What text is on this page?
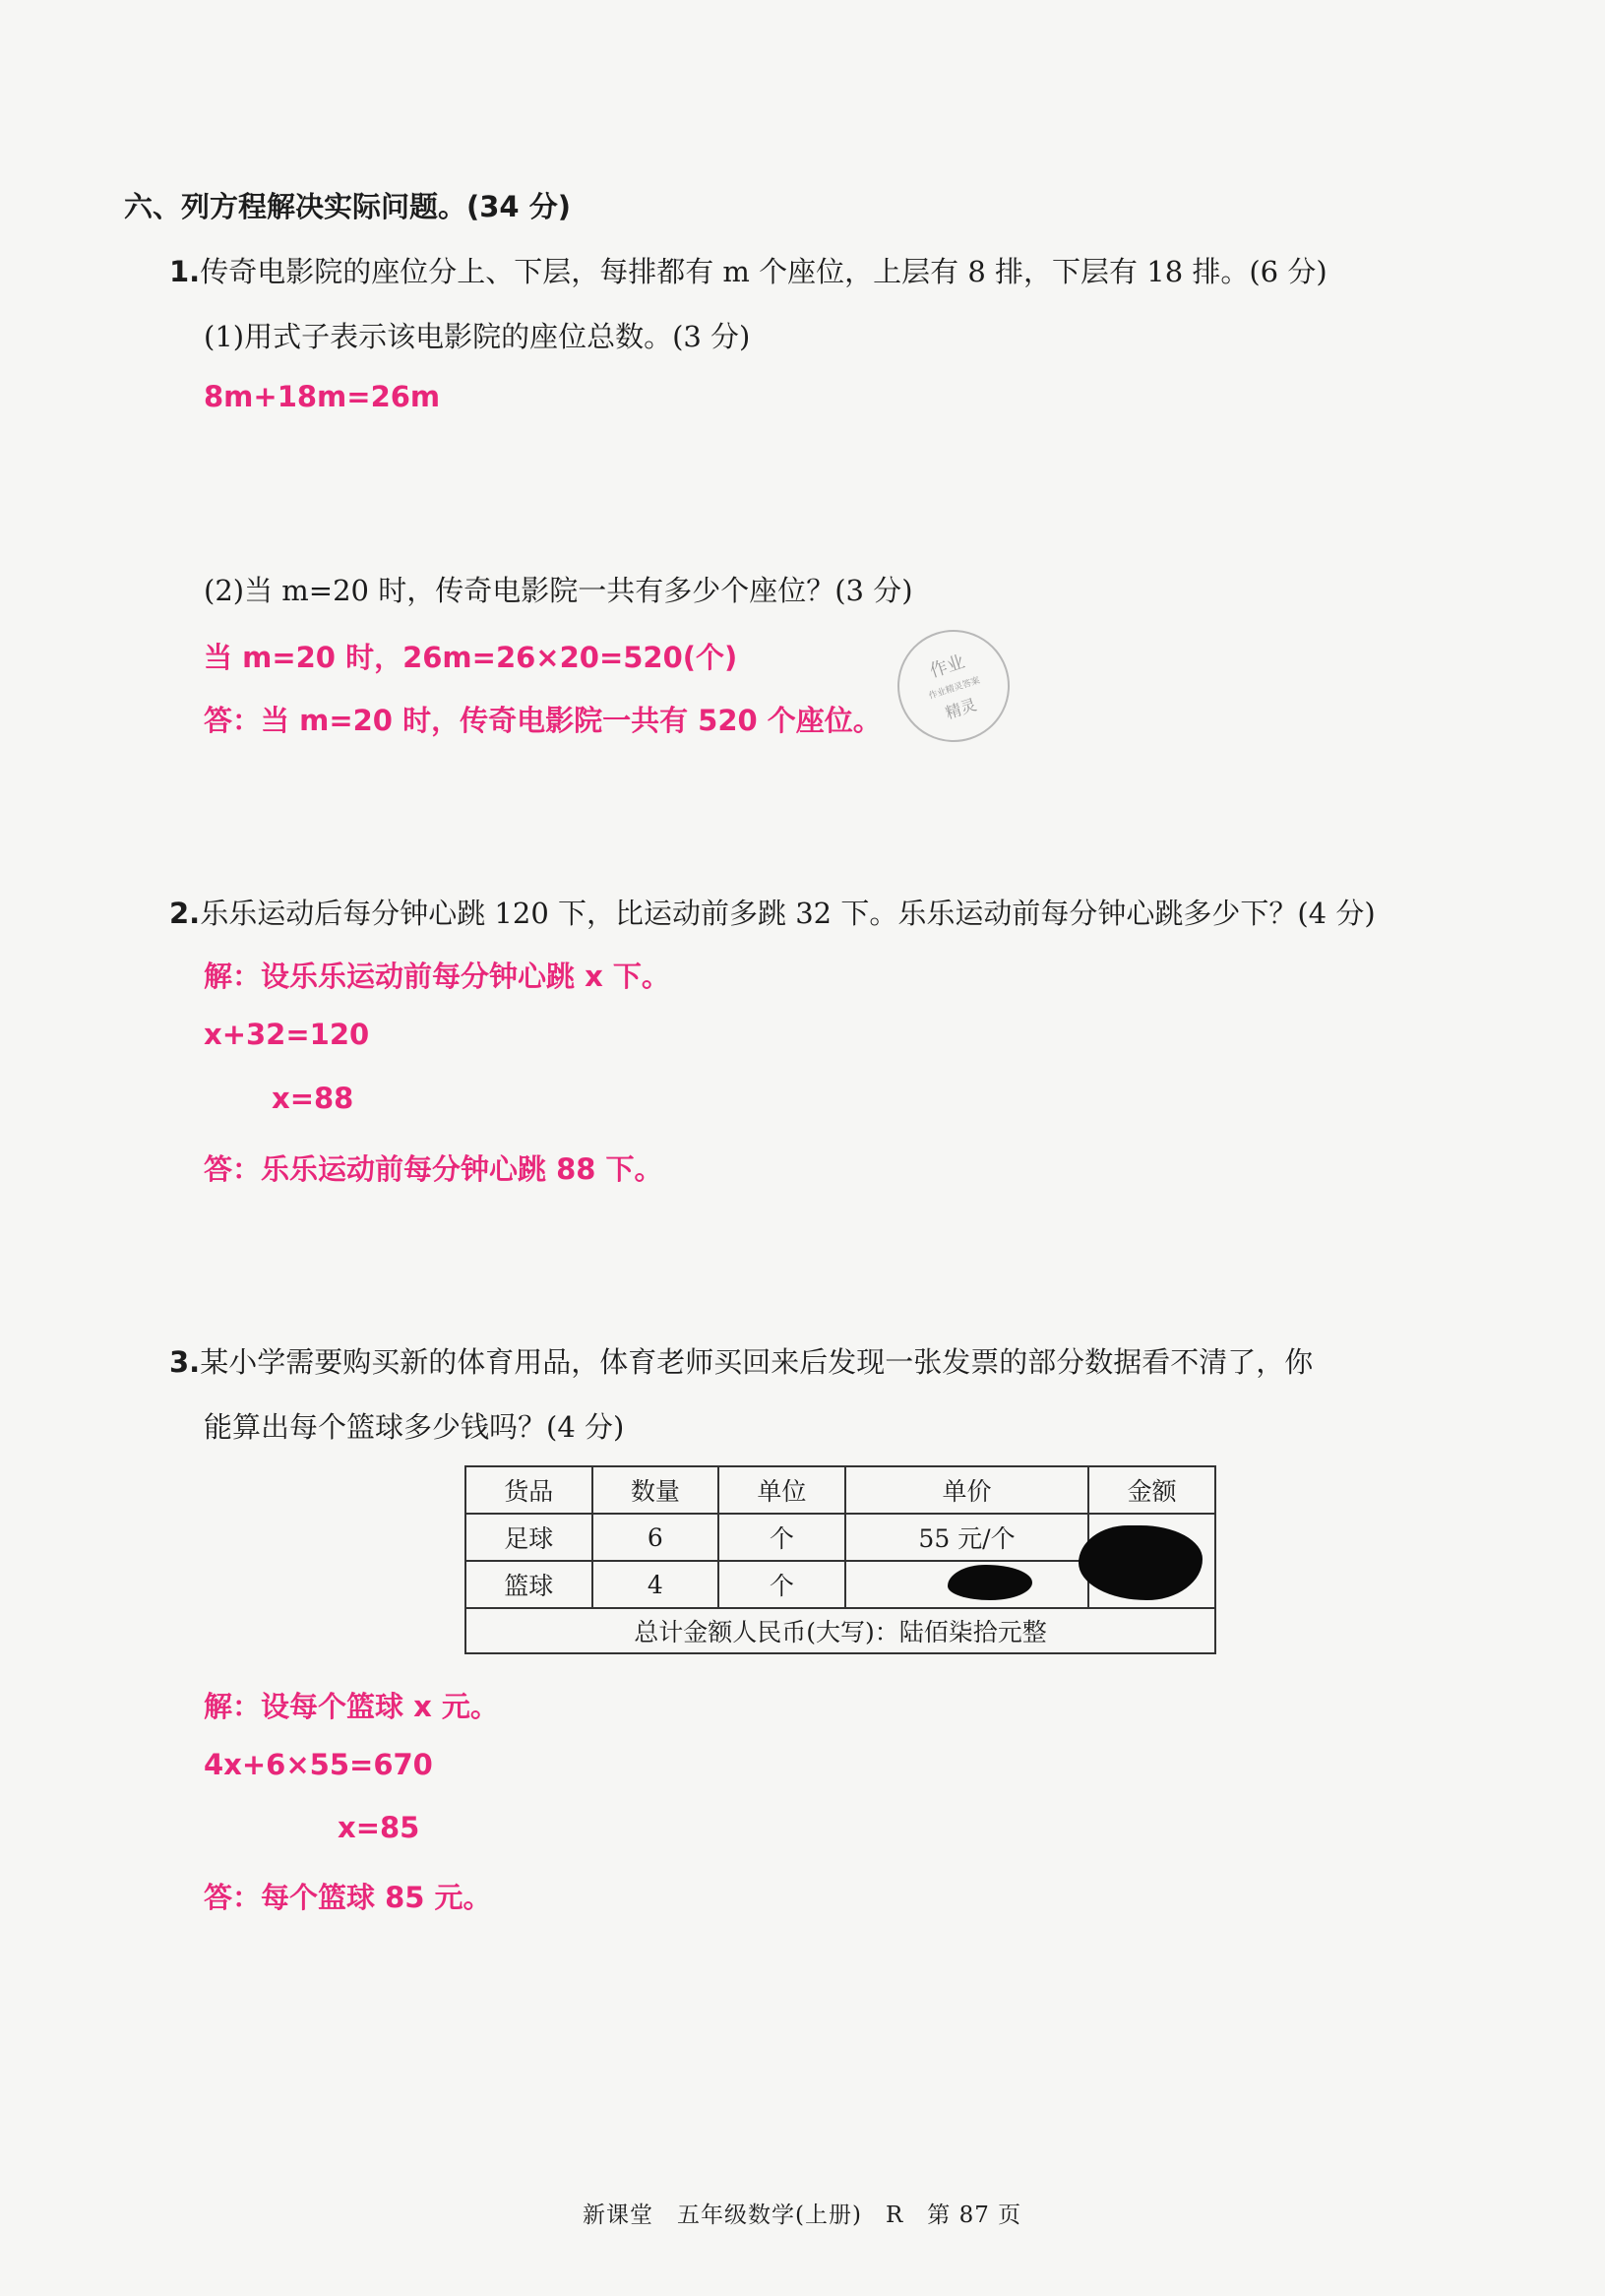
六、列方程解决实际问题。(34 分)
1.传奇电影院的座位分上、下层，每排都有 m 个座位，上层有 8 排，下层有 18 排。(6 分)
(1)用式子表示该电影院的座位总数。(3 分)
8m+18m=26m
(2)当 m=20 时，传奇电影院一共有多少个座位？(3 分)
当 m=20 时，26m=26×20=520(个)
答：当 m=20 时，传奇电影院一共有 520 个座位。
作业
作业精灵答案
精灵
2.乐乐运动后每分钟心跳 120 下，比运动前多跳 32 下。乐乐运动前每分钟心跳多少下？(4 分)
解：设乐乐运动前每分钟心跳 x 下。
x+32=120
x=88
答：乐乐运动前每分钟心跳 88 下。
3.某小学需要购买新的体育用品，体育老师买回来后发现一张发票的部分数据看不清了，你
能算出每个篮球多少钱吗？(4 分)
货品	数量	单位	单价	金额
足球	6	个	55 元/个	
篮球	4	个		
总计金额人民币(大写)：陆佰柒拾元整				
解：设每个篮球 x 元。
4x+6×55=670
x=85
答：每个篮球 85 元。
新课堂　五年级数学(上册)　R　第 87 页
